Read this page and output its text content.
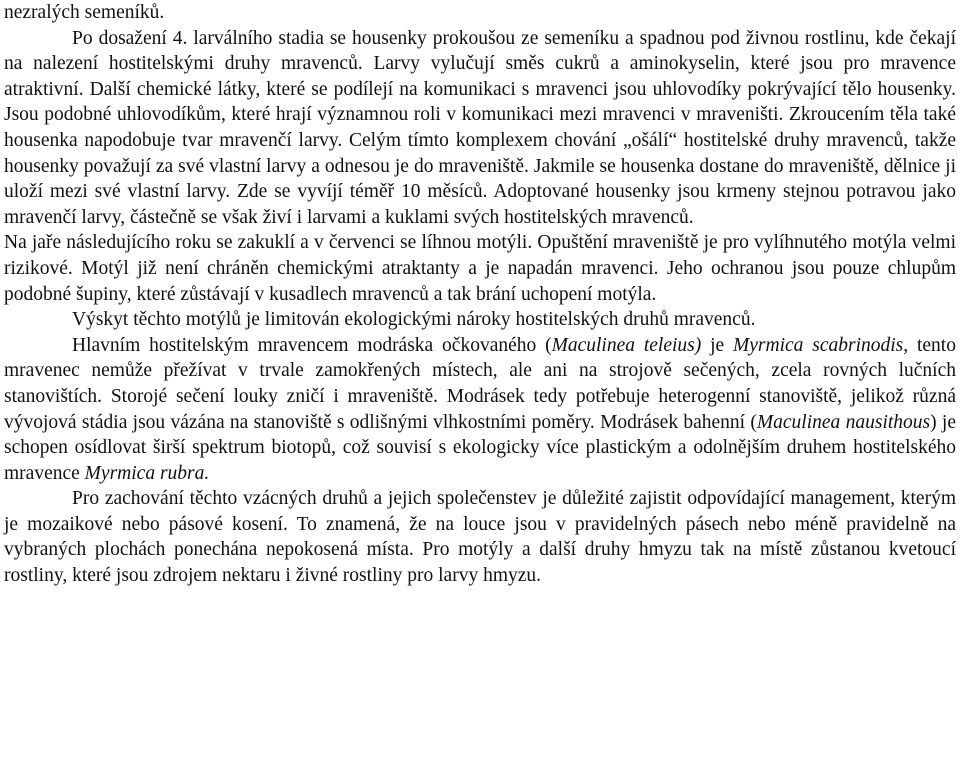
nezralých semeníků.

Po dosažení 4. larválního stadia se housenky prokoušou ze semeníku a spadnou pod živnou rostlinu, kde čekají na nalezení hostitelskými druhy mravenců. Larvy vylučují směs cukrů a aminokyselin, které jsou pro mravence atraktivní. Další chemické látky, které se podílejí na komunikaci s mravenci jsou uhlovodíky pokrývající tělo housenky. Jsou podobné uhlovodíkům, které hrají významnou roli v komunikaci mezi mravenci v mraveništi. Zkroucením těla také housenka napodobuje tvar mravenčí larvy. Celým tímto komplexem chování „ošálí“ hostitelské druhy mravenců, takže housenky považují za své vlastní larvy a odnesou je do mraveniště. Jakmile se housenka dostane do mraveniště, dělnice ji uloží mezi své vlastní larvy. Zde se vyvíjí téměř 10 měsíců. Adoptované housenky jsou krmeny stejnou potravou jako mravenčí larvy, částečně se však živí i larvami a kuklami svých hostitelských mravenců.

Na jaře následujícího roku se zakuklí a v červenci se líhnou motýli. Opuštění mraveniště je pro vylíhnutého motýla velmi rizikové. Motýl již není chráněn chemickými atraktanty a je napadán mravenci. Jeho ochranou jsou pouze chlupům podobné šupiny, které zůstávají v kusadlech mravenců a tak brání uchopení motýla.

Výskyt těchto motýlů je limitován ekologickými nároky hostitelských druhů mravenců.

Hlavním hostitelským mravencem modráska očkovaného (Maculinea teleius) je Myrmica scabrinodis, tento mravenec nemůže přežívat v trvale zamokřených místech, ale ani na strojově sečených, zcela rovných lučních stanovištích. Storojé sečení louky zničí i mraveniště. Modrásek tedy potřebuje heterogenní stanoviště, jelikož různá vývojová stádia jsou vázána na stanoviště s odlišnými vlhkostními poměry. Modrásek bahenní (Maculinea nausithous) je schopen osídlovat širší spektrum biotopů, což souvisí s ekologicky více plastickým a odolnějším druhem hostitelského mravence Myrmica rubra.

Pro zachování těchto vzácných druhů a jejich společenstev je důležité zajistit odpovídající management, kterým je mozaikové nebo pásové kosení. To znamená, že na louce jsou v pravidelných pásech nebo méně pravidelně na vybraných plochách ponechána nepokosená místa. Pro motýly a další druhy hmyzu tak na místě zůstanou kvetoucí rostliny, které jsou zdrojem nektaru i živné rostliny pro larvy hmyzu.
